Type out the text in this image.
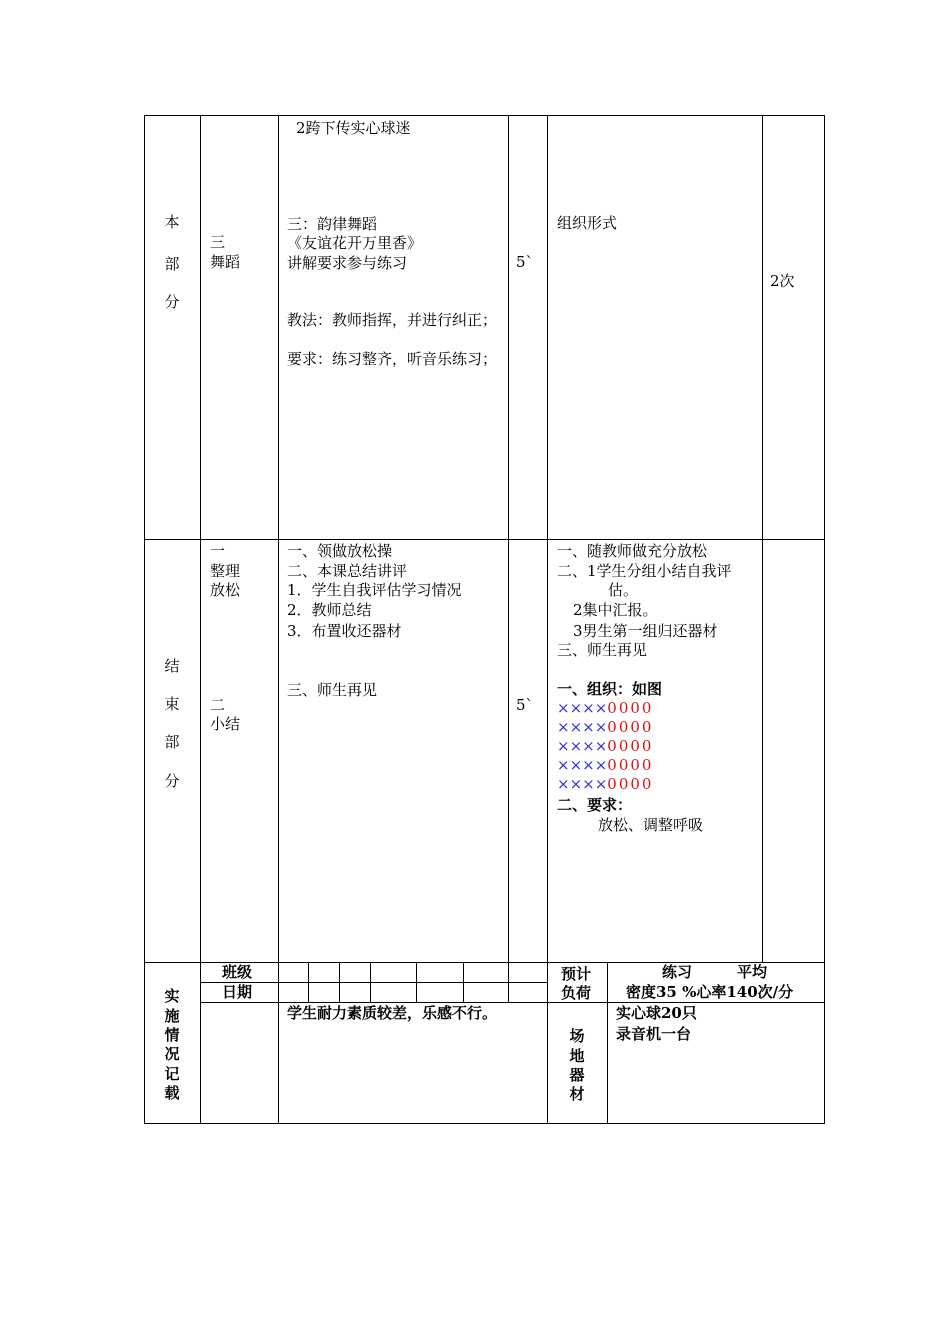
本
部
分
三
舞蹈
2跨下传实心球迷
三：韵律舞蹈
《友谊花开万里香》
讲解要求参与练习
教法：教师指挥，并进行纠正；
要求：练习整齐，听音乐练习；
5`
组织形式
2次
结
束
部
分
一
整理
放松
二
小结
一、领做放松操
二、本课总结讲评
1．学生自我评估学习情况
2．教师总结
3．布置收还器材
三、师生再见
5`
一、随教师做充分放松
二、1学生分组小结自我评
估。
2集中汇报。
3男生第一组归还器材
三、师生再见
一、组织：如图
××××0000
××××0000
××××0000
××××0000
××××0000
二、要求：
放松、调整呼吸
实
施
情
况
记
载
班级
日期
学生耐力素质较差，乐感不行。
预计
负荷
练习　　　平均
密度35 %心率140次/分
场
地
器
材
实心球20只
录音机一台
